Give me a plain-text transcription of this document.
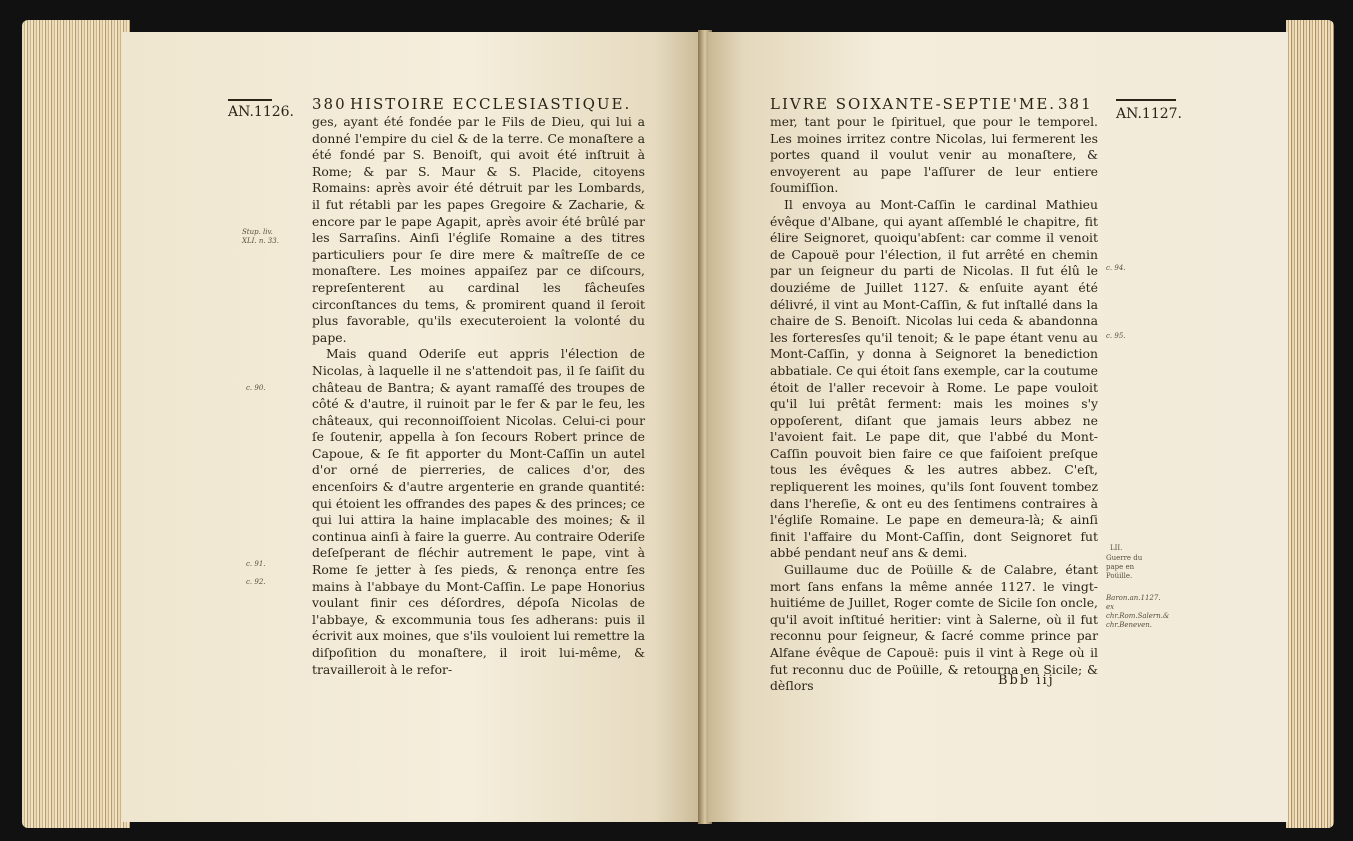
AN.1126. 380 HISTOIRE ECCLESIASTIQUE.
Stup. liv. XLI. n. 33.
c. 90.
c. 91.
c. 92.

ges, ayant été fondée par le Fils de Dieu, qui lui a donné l'empire du ciel & de la terre. Ce monaſtere a été fondé par S. Benoiſt, qui avoit été inſtruit à Rome; & par S. Maur & S. Placide, citoyens Romains: après avoir été détruit par les Lombards, il fut rétabli par les papes Gregoire & Zacharie, & encore par le pape Agapit, après avoir été brûlé par les Sarraſins. Ainſi l'égliſe Romaine a des titres particuliers pour ſe dire mere & maîtreſſe de ce monaſtere. Les moines appaiſez par ce diſcours, repreſenterent au cardinal les fâcheuſes circonſtances du tems, & promirent quand il ſeroit plus favorable, qu'ils executeroient la volonté du pape.

Mais quand Oderiſe eut appris l'élection de Nicolas, à laquelle il ne s'attendoit pas, il ſe ſaiſit du château de Bantra; & ayant ramaſſé des troupes de côté & d'autre, il ruinoit par le fer & par le feu, les châteaux, qui reconnoiſſoient Nicolas. Celui-ci pour ſe ſoutenir, appella à ſon ſecours Robert prince de Capoue, & ſe fit apporter du Mont-Caſſin un autel d'or orné de pierreries, de calices d'or, des encenſoirs & d'autre argenterie en grande quantité: qui étoient les offrandes des papes & des princes; ce qui lui attira la haine implacable des moines; & il continua ainſi à faire la guerre. Au contraire Oderiſe deſeſperant de fléchir autrement le pape, vint à Rome ſe jetter à ſes pieds, & renonça entre ſes mains à l'abbaye du Mont-Caſſin. Le pape Honorius voulant finir ces déſordres, dépoſa Nicolas de l'abbaye, & excommunia tous ſes adherans: puis il écrivit aux moines, que s'ils vouloient lui remettre la diſpoſition du monaſtere, il iroit lui-même, & travailleroit à le refor-

LIVRE SOIXANTE-SEPTIE'ME. 381
AN.1127.

mer, tant pour le ſpirituel, que pour le temporel. Les moines irritez contre Nicolas, lui fermerent les portes quand il voulut venir au monaſtere, & envoyerent au pape l'aſſurer de leur entiere ſoumiſſion.

Il envoya au Mont-Caſſin le cardinal Mathieu évêque d'Albane, qui ayant aſſemblé le chapitre, fit élire Seignoret, quoiqu'abſent: car comme il venoit de Capouë pour l'élection, il fut arrêté en chemin par un ſeigneur du parti de Nicolas. Il fut élû le douziéme de Juillet 1127. & enſuite ayant été délivré, il vint au Mont-Caſſin, & fut inſtallé dans la chaire de S. Benoiſt. Nicolas lui ceda & abandonna les forteresſes qu'il tenoit; & le pape étant venu au Mont-Caſſin, y donna à Seignoret la benediction abbatiale. Ce qui étoit ſans exemple, car la coutume étoit de l'aller recevoir à Rome. Le pape vouloit qu'il lui prêtât ferment: mais les moines s'y oppoſerent, diſant que jamais leurs abbez ne l'avoient fait. Le pape dit, que l'abbé du Mont-Caſſin pouvoit bien faire ce que faiſoient preſque tous les évêques & les autres abbez. C'eſt, repliquerent les moines, qu'ils ſont ſouvent tombez dans l'hereſie, & ont eu des ſentimens contraires à l'égliſe Romaine. Le pape en demeura-là; & ainſi finit l'affaire du Mont-Caſſin, dont Seignoret fut abbé pendant neuf ans & demi.

Guillaume duc de Poüille & de Calabre, étant mort ſans enfans la même année 1127. le vingt-huitiéme de Juillet, Roger comte de Sicile ſon oncle, qu'il avoit inſtitué heritier: vint à Salerne, où il fut reconnu pour ſeigneur, & ſacré comme prince par Alfane évêque de Capouë: puis il vint à Rege où il fut reconnu duc de Poüille, & retourna en Sicile; & dèſlors

c. 94.
c. 95.
LII.
Guerre du pape en Poüille.
Baron.an.1127. ex chr.Rom.Salern.& chr.Beneven.
Bbb iij
